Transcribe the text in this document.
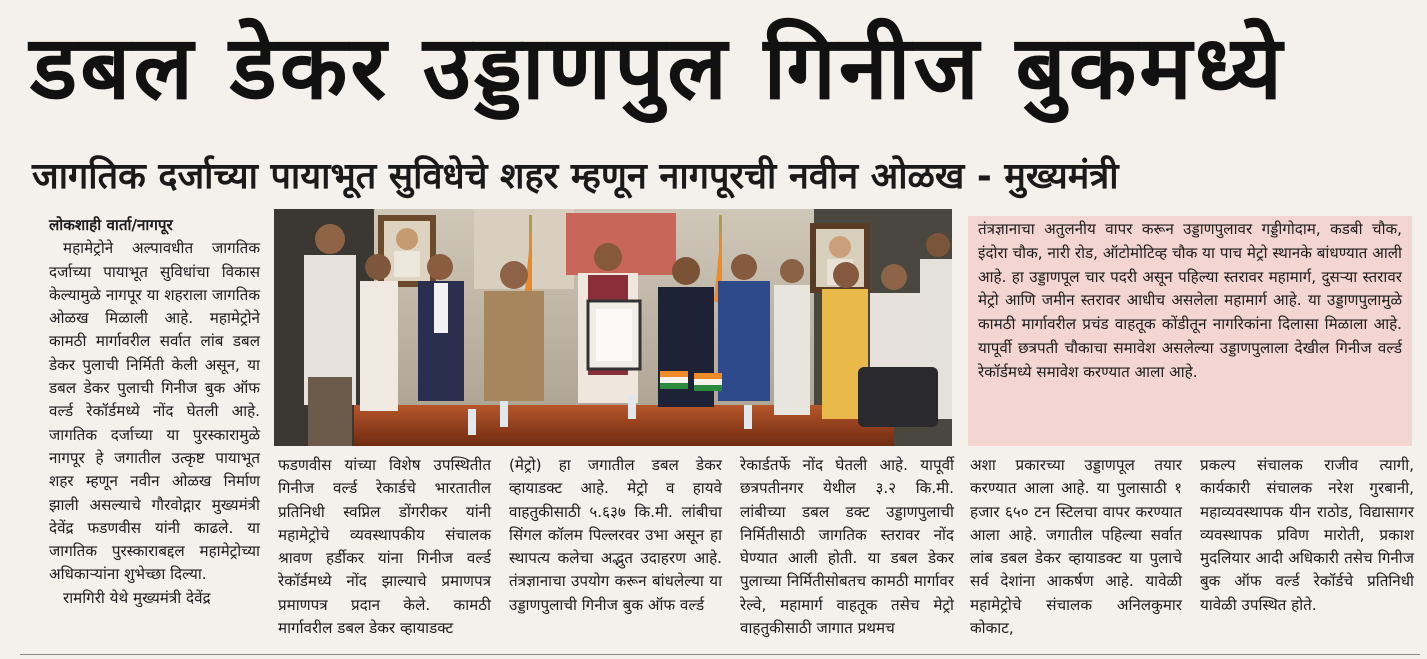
डबल डेकर उड्डाणपुल गिनीज बुकमध्ये
जागतिक दर्जाच्या पायाभूत सुविधेचे शहर म्हणून नागपूरची नवीन ओळख - मुख्यमंत्री

लोकशाही वार्ता/नागपूर

महामेट्रोने अल्पावधीत जागतिक दर्जाच्या पायाभूत सुविधांचा विकास केल्यामुळे नागपूर या शहराला जागतिक ओळख मिळाली आहे. महामेट्रोने कामठी मार्गावरील सर्वात लांब डबल डेकर पुलाची निर्मिती केली असून, या डबल डेकर पुलाची गिनीज बुक ऑफ वर्ल्ड रेकॉर्डमध्ये नोंद घेतली आहे. जागतिक दर्जाच्या या पुरस्कारामुळे नागपूर हे जगातील उत्कृष्ट पायाभूत शहर म्हणून नवीन ओळख निर्माण झाली असल्याचे गौरवोद्गार मुख्यमंत्री देवेंद्र फडणवीस यांनी काढले. या जागतिक पुरस्काराबद्दल महामेट्रोच्या अधिकाऱ्यांना शुभेच्छा दिल्या.

रामगिरी येथे मुख्यमंत्री देवेंद्र

तंत्रज्ञानाचा अतुलनीय वापर करून उड्डाणपुलावर गड्डीगोदाम, कडबी चौक, इंदोरा चौक, नारी रोड, ऑटोमोटिव्ह चौक या पाच मेट्रो स्थानके बांधण्यात आली आहे. हा उड्डाणपूल चार पदरी असून पहिल्या स्तरावर महामार्ग, दुसऱ्या स्तरावर मेट्रो आणि जमीन स्तरावर आधीच असलेला महामार्ग आहे. या उड्डाणपुलामुळे कामठी मार्गावरील प्रचंड वाहतूक कोंडीतून नागरिकांना दिलासा मिळाला आहे. यापूर्वी छत्रपती चौकाचा समावेश असलेल्या उड्डाणपुलाला देखील गिनीज वर्ल्ड रेकॉर्डमध्ये समावेश करण्यात आला आहे.
फडणवीस यांच्या विशेष उपस्थितीत गिनीज वर्ल्ड रेकार्डचे भारतातील प्रतिनिधी स्वप्निल डोंगरीकर यांनी महामेट्रोचे व्यवस्थापकीय संचालक श्रावण हर्डीकर यांना गिनीज वर्ल्ड रेकॉर्डमध्ये नोंद झाल्याचे प्रमाणपत्र प्रमाणपत्र प्रदान केले. कामठी मार्गावरील डबल डेकर व्हायाडक्ट
(मेट्रो) हा जगातील डबल डेकर व्हायाडक्ट आहे. मेट्रो व हायवे वाहतुकीसाठी ५.६३७ कि.मी. लांबीचा सिंगल कॉलम पिल्लरवर उभा असून हा स्थापत्य कलेचा अद्भुत उदाहरण आहे. तंत्रज्ञानाचा उपयोग करून बांधलेल्या या उड्डाणपुलाची गिनीज बुक ऑफ वर्ल्ड
रेकार्डतर्फे नोंद घेतली आहे. यापूर्वी छत्रपतीनगर येथील ३.२ कि.मी. लांबीच्या डबल डक्ट उड्डाणपुलाची निर्मितीसाठी जागतिक स्तरावर नोंद घेण्यात आली होती. या डबल डेकर पुलाच्या निर्मितीसोबतच कामठी मार्गावर रेल्वे, महामार्ग वाहतूक तसेच मेट्रो वाहतुकीसाठी जागात प्रथमच
अशा प्रकारच्या उड्डाणपूल तयार करण्यात आला आहे. या पुलासाठी १ हजार ६५० टन स्टिलचा वापर करण्यात आला आहे. जगातील पहिल्या सर्वात लांब डबल डेकर व्हायाडक्ट या पुलाचे सर्व देशांना आकर्षण आहे. यावेळी महामेट्रोचे संचालक अनिलकुमार कोकाट,
प्रकल्प संचालक राजीव त्यागी, कार्यकारी संचालक नरेश गुरबानी, महाव्यवस्थापक यीन राठोड, विद्यासागर व्यवस्थापक प्रविण मारोती, प्रकाश मुदलियार आदी अधिकारी तसेच गिनीज बुक ऑफ वर्ल्ड रेकॉर्डचे प्रतिनिधी यावेळी उपस्थित होते.
